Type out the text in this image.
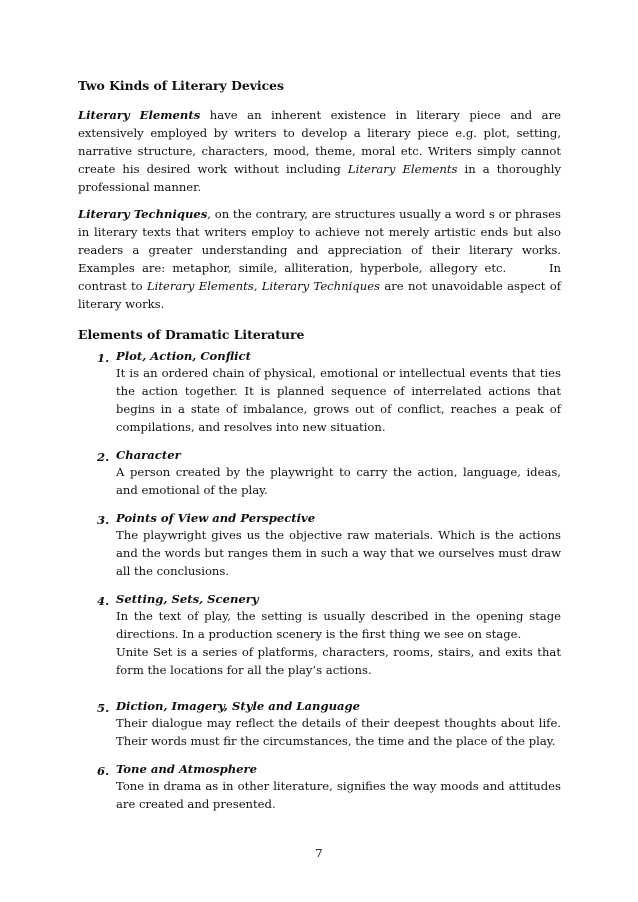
Two Kinds of Literary Devices

Literary Elements have an inherent existence in literary piece and are extensively employed by writers to develop a literary piece e.g. plot, setting, narrative structure, characters, mood, theme, moral etc. Writers simply cannot create his desired work without including Literary Elements in a thoroughly professional manner.

Literary Techniques, on the contrary, are structures usually a word s or phrases in literary texts that writers employ to achieve not merely artistic ends but also readers a greater understanding and appreciation of their literary works. Examples are: metaphor, simile, alliteration, hyperbole, allegory etc.	In contrast to Literary Elements, Literary Techniques are not unavoidable aspect of literary works.

Elements of Dramatic Literature
1. Plot, Action, Conflict

It is an ordered chain of physical, emotional or intellectual events that ties the action together. It is planned sequence of interrelated actions that begins in a state of imbalance, grows out of conflict, reaches a peak of compilations, and resolves into new situation.

2. Character

A person created by the playwright to carry the action, language, ideas, and emotional of the play.

3. Points of View and Perspective

The playwright gives us the objective raw materials. Which is the actions and the words but ranges them in such a way that we ourselves must draw all the conclusions.

4. Setting, Sets, Scenery

In the text of play, the setting is usually described in the opening stage directions. In a production scenery is the first thing we see on stage.

Unite Set is a series of platforms, characters, rooms, stairs, and exits that form the locations for all the play’s actions.

5. Diction, Imagery, Style and Language

Their dialogue may reflect the details of their deepest thoughts about life. Their words must fir the circumstances, the time and the place of the play.

6. Tone and Atmosphere

Tone in drama as in other literature, signifies the way moods and attitudes are created and presented.

7
